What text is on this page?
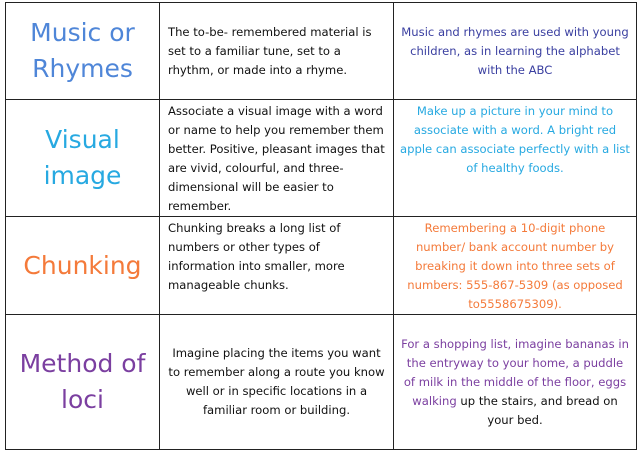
Music or Rhymes	The to-be- remembered material is set to a familiar tune, set to a rhythm, or made into a rhyme.	Music and rhymes are used with young children, as in learning the alphabet with the ABC

Visual image	Associate a visual image with a word or name to help you remember them better. Positive, pleasant images that are vivid, colourful, and three-dimensional will be easier to remember.	Make up a picture in your mind to associate with a word. A bright red apple can associate perfectly with a list of healthy foods.
Chunking	Chunking breaks a long list of numbers or other types of information into smaller, more manageable chunks.	Remembering a 10-digit phone number/ bank account number by breaking it down into three sets of numbers: 555-867-5309 (as opposed to5558675309).

Method of loci	Imagine placing the items you want to remember along a route you know well or in specific locations in a familiar room or building.	For a shopping list, imagine bananas in the entryway to your home, a puddle of milk in the middle of the floor, eggs walking up the stairs, and bread on your bed.
